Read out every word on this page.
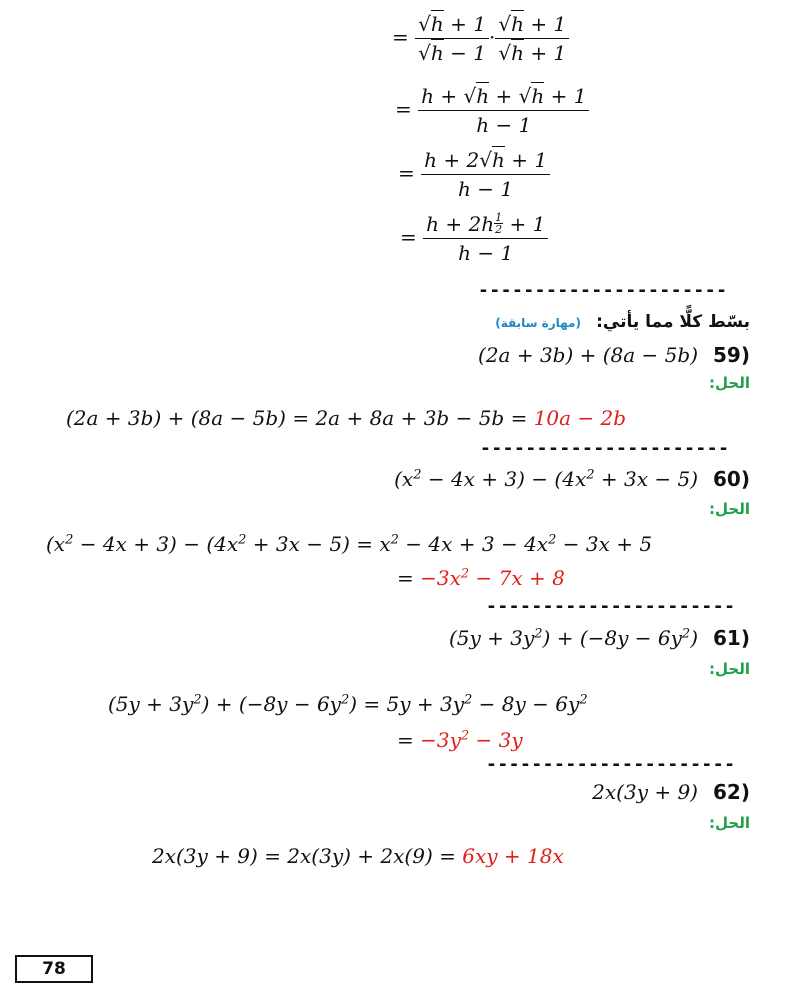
= $\frac{√h + 1}{√h - 1} \cdot \frac{√h + 1}{√h + 1}$
= $\frac{h + √h + √h + 1}{h - 1}$
= $\frac{h + 2√h + 1}{h - 1}$
= $\frac{h + 2h \frac{1}{2} + 1}{h - 1}$
----------------------
بسّط كلًّا مما يأتي: (مهارة سابقة)
(2a + 3b) + (8a − 5b) 59)
الحل:
(2a + 3b) + (8a − 5b) = 2a + 8a + 3b − 5b = 10a − 2b
----------------------
$(x^2 - 4x + 3) - (4x^2 + 3x - 5)$ 60)
الحل:
$(x^2 - 4x + 3) - (4x^2 + 3x - 5) = x^2 - 4x + 3 - 4x^2 - 3x + 5$
= $-3x^2 - 7x + 8$
----------------------
$(5y + 3y^2) + (-8y - 6y^2)$ 61)
الحل:
$(5y + 3y^2) + (-8y - 6y^2) = 5y + 3y^2 - 8y - 6y^2$
= $-3y^2 - 3y$
----------------------
2x(3y + 9) 62)
الحل:
2x(3y + 9) = 2x(3y) + 2x(9) = 6xy + 18x
78
